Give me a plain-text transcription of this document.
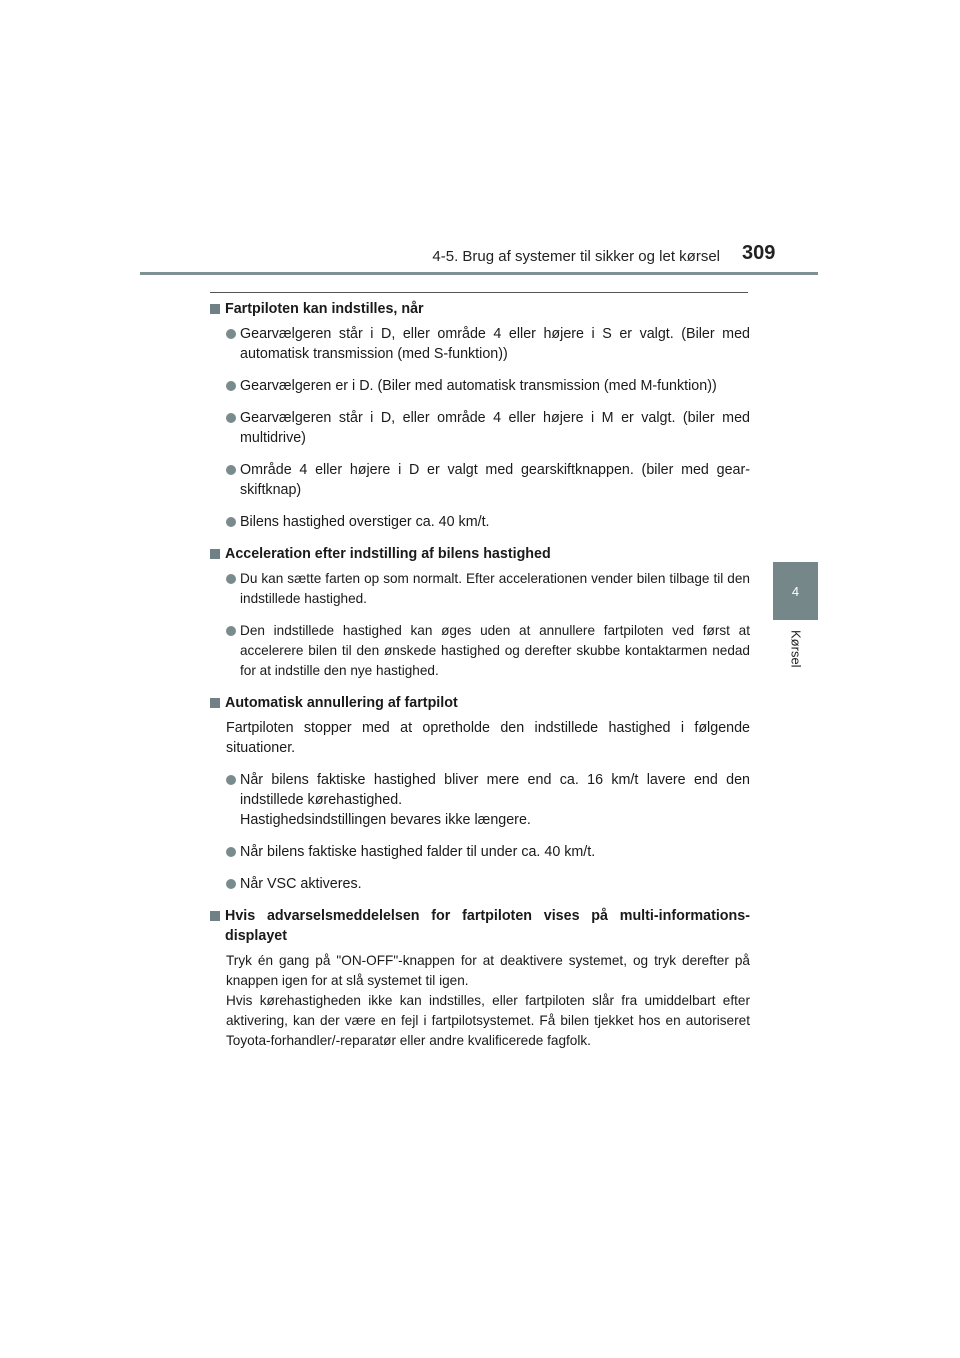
4-5. Brug af systemer til sikker og let kørsel 309
4
Kørsel
Fartpiloten kan indstilles, når
Gearvælgeren står i D, eller område 4 eller højere i S er valgt. (Biler med automatisk transmission (med S-funktion))
Gearvælgeren er i D. (Biler med automatisk transmission (med M-funktion))
Gearvælgeren står i D, eller område 4 eller højere i M er valgt. (biler med multidrive)
Område 4 eller højere i D er valgt med gearskiftknappen. (biler med gear-skiftknap)
Bilens hastighed overstiger ca. 40 km/t.
Acceleration efter indstilling af bilens hastighed
Du kan sætte farten op som normalt. Efter accelerationen vender bilen tilbage til den indstillede hastighed.
Den indstillede hastighed kan øges uden at annullere fartpiloten ved først at accelerere bilen til den ønskede hastighed og derefter skubbe kontaktarmen nedad for at indstille den nye hastighed.
Automatisk annullering af fartpilot
Fartpiloten stopper med at opretholde den indstillede hastighed i følgende situationer.
Når bilens faktiske hastighed bliver mere end ca. 16 km/t lavere end den indstillede kørehastighed.
Hastighedsindstillingen bevares ikke længere.
Når bilens faktiske hastighed falder til under ca. 40 km/t.
Når VSC aktiveres.
Hvis advarselsmeddelelsen for fartpiloten vises på multi-informations-displayet
Tryk én gang på "ON-OFF"-knappen for at deaktivere systemet, og tryk derefter på knappen igen for at slå systemet til igen.
Hvis kørehastigheden ikke kan indstilles, eller fartpiloten slår fra umiddelbart efter aktivering, kan der være en fejl i fartpilotsystemet. Få bilen tjekket hos en autoriseret Toyota-forhandler/-reparatør eller andre kvalificerede fagfolk.
